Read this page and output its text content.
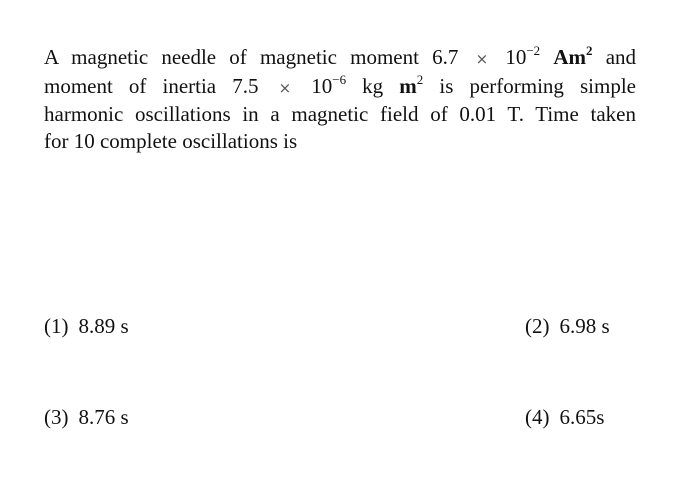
A magnetic needle of magnetic moment $6.7 \times 10^{-2}$ Am$^2$ and
moment of inertia $7.5 \times 10^{-6}$ kg $m^2$ is performing simple
harmonic oscillations in a magnetic field of 0.01 T. Time taken
for 10 complete oscillations is
(1) 8.89 s	(2) 6.98 s
(3) 8.76 s	(4) 6.65s
